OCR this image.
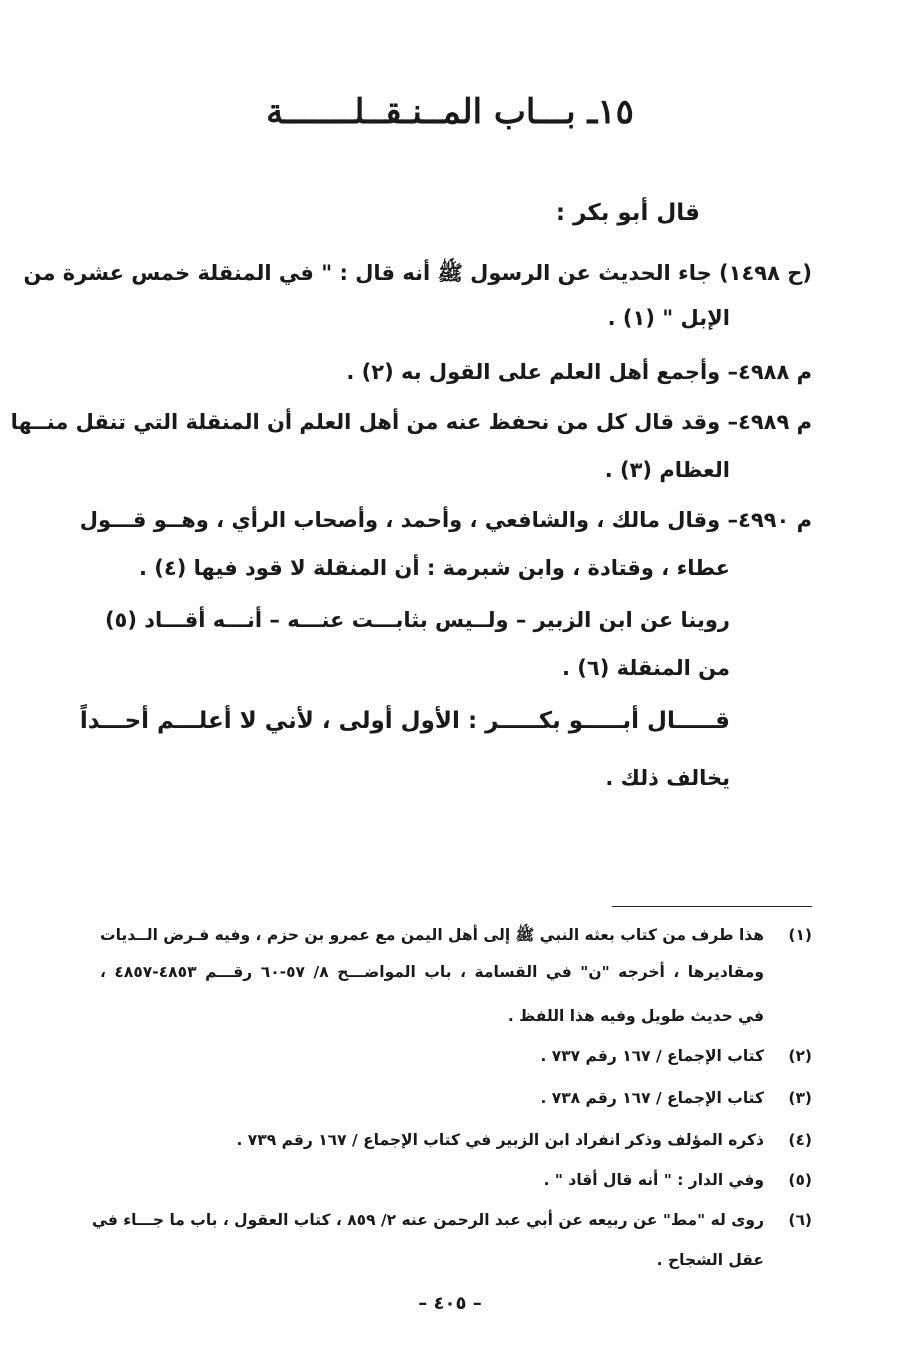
١٥ـ بـــاب المــنـقــلـــــــة
قال أبو بكر :
(ح ١٤٩٨) جاء الحديث عن الرسول ﷺ أنه قال : " في المنقلة خمس عشرة من
الإبل " (١) .
م ٤٩٨٨– وأجمع أهل العلم على القول به (٢) .
م ٤٩٨٩– وقد قال كل من نحفظ عنه من أهل العلم أن المنقلة التي تنقل منــها
العظام (٣) .
م ٤٩٩٠– وقال مالك ، والشافعي ، وأحمد ، وأصحاب الرأي ، وهــو قـــول
عطاء ، وقتادة ، وابن شبرمة : أن المنقلة لا قود فيها (٤) .
روينا عن ابن الزبير – ولــيس بثابـــت عنـــه – أنـــه أقـــاد (٥)
من المنقلة (٦) .
قـــــال أبـــــو بكـــــر : الأول أولى ، لأني لا أعلـــم أحـــداً
يخالف ذلك .
(١)هذا طرف من كتاب بعثه النبي ﷺ إلى أهل اليمن مع عمرو بن حزم ، وفيه فـرض الــديات
ومقاديرها ، أخرجه "ن" في القسامة ، باب المواضـــح ٨/ ٥٧-٦٠ رقـــم ٤٨٥٣-٤٨٥٧ ،
في حديث طويل وفيه هذا اللفظ .
(٢)كتاب الإجماع / ١٦٧ رقم ٧٣٧ .
(٣)كتاب الإجماع / ١٦٧ رقم ٧٣٨ .
(٤)ذكره المؤلف وذكر انفراد ابن الزبير في كتاب الإجماع / ١٦٧ رقم ٧٣٩ .
(٥)وفي الدار : " أنه قال أقاد " .
(٦)روى له "مط" عن ربيعه عن أبي عبد الرحمن عنه ٢/ ٨٥٩ ، كتاب العقول ، باب ما جـــاء في
عقل الشجاح .
– ٤٠٥ –
